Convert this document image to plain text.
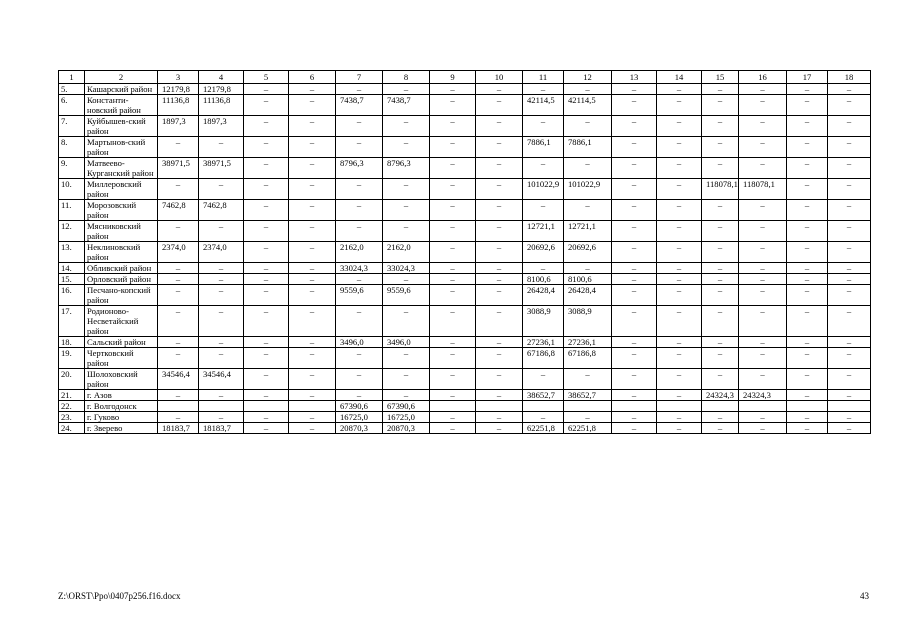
1	2	3	4	5	6	7	8	9	10	11	12	13	14	15	16	17	18
5.	Кашарский район	12179,8	12179,8	–	–	–	–	–	–	–	–	–	–	–	–	–	–
6.	Константи-новский район	11136,8	11136,8	–	–	7438,7	7438,7	–	–	42114,5	42114,5	–	–	–	–	–	–
7.	Куйбышев-ский район	1897,3	1897,3	–	–	–	–	–	–	–	–	–	–	–	–	–	–
8.	Мартынов-ский район	–	–	–	–	–	–	–	–	7886,1	7886,1	–	–	–	–	–	–
9.	Матвеево-Курганский район	38971,5	38971,5	–	–	8796,3	8796,3	–	–	–	–	–	–	–	–	–	–
10.	Миллеровский район	–	–	–	–	–	–	–	–	101022,9	101022,9	–	–	118078,1	118078,1	–	–
11.	Морозовский район	7462,8	7462,8	–	–	–	–	–	–	–	–	–	–	–	–	–	–
12.	Мясниковский район	–	–	–	–	–	–	–	–	12721,1	12721,1	–	–	–	–	–	–
13.	Неклиновский район	2374,0	2374,0	–	–	2162,0	2162,0	–	–	20692,6	20692,6	–	–	–	–	–	–
14.	Обливский район	–	–	–	–	33024,3	33024,3	–	–	–	–	–	–	–	–	–	–
15.	Орловский район	–	–	–	–	–	–	–	–	8100,6	8100,6	–	–	–	–	–	–
16.	Песчано-копский район	–	–	–	–	9559,6	9559,6	–	–	26428,4	26428,4	–	–	–	–	–	–
17.	Родионово-Несветайский район	–	–	–	–	–	–	–	–	3088,9	3088,9	–	–	–	–	–	–
18.	Сальский район	–	–	–	–	3496,0	3496,0	–	–	27236,1	27236,1	–	–	–	–	–	–
19.	Чертковский район	–	–	–	–	–	–	–	–	67186,8	67186,8	–	–	–	–	–	–
20.	Шолоховский район	34546,4	34546,4	–	–	–	–	–	–	–	–	–	–	–	–	–	–
21.	г. Азов	–	–	–	–	–	–	–	–	38652,7	38652,7	–	–	24324,3	24324,3	–	–
22.	г. Волгодонск					67390,6	67390,6										
23.	г. Гуково	–	–	–	–	16725,0	16725,0	–	–	–	–	–	–	–	–	–	–
24.	г. Зверево	18183,7	18183,7	–	–	20870,3	20870,3	–	–	62251,8	62251,8	–	–	–	–	–	–
Z:\ORST\Ppo\0407p256.f16.docx	43
